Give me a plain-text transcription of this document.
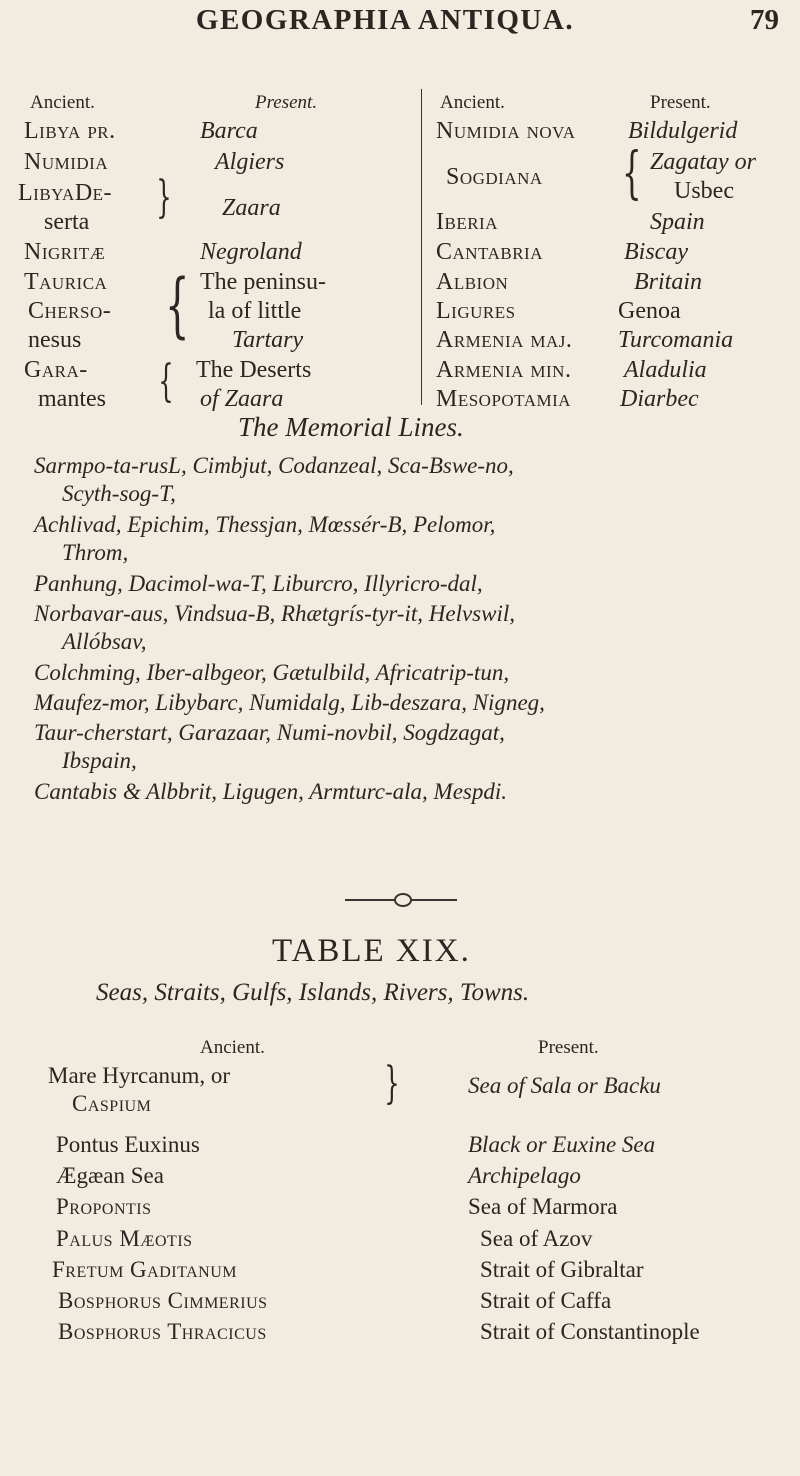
GEOGRAPHIA ANTIQUA.	79
Ancient.	Present.
Libya pr.	Barca
Numidia	Algiers
LibyaDe-
serta } Zaara
Nigritæ	Negroland
Taurica
Cherso-
nesus { The peninsu-
la of little
Tartary
Gara-
mantes { The Deserts
of Zaara
Ancient.	Present.
Numidia nova Bildulgerid
Sogdiana { Zagatay or
Usbec
Iberia	Spain
Cantabria	Biscay
Albion	Britain
Ligures	Genoa
Armenia maj. Turcomania
Armenia min. Aladulia
Mesopotamia Diarbec
The Memorial Lines.
Sarmpo-ta-rusL, Cimbjut, Codanzeal, Sca-Bswe-no,
Scyth-sog-T,
Achlivad, Epichim, Thessjan, Mœssér-B, Pelomor,
Throm,
Panhung, Dacimol-wa-T, Liburcro, Illyricro-dal,
Norbavar-aus, Vindsua-B, Rhætgrís-tyr-it, Helvswil,
Allóbsav,
Colchming, Iber-albgeor, Gætulbild, Africatrip-tun,
Maufez-mor, Libybarc, Numidalg, Lib-deszara, Nigneg,
Taur-cherstart, Garazaar, Numi-novbil, Sogdzagat,
Ibspain,
Cantabis & Albbrit, Ligugen, Armturc-ala, Mespdi.
TABLE XIX.
Seas, Straits, Gulfs, Islands, Rivers, Towns.
Ancient.	Present.
Mare Hyrcanum, or
Caspium	}	Sea of Sala or Backu
Pontus Euxinus	Black or Euxine Sea
Ægæan Sea	Archipelago
Propontis	Sea of Marmora
Palus Mæotis	Sea of Azov
Fretum Gaditanum	Strait of Gibraltar
Bosphorus Cimmerius	Strait of Caffa
Bosphorus Thracicus	Strait of Constantinople
